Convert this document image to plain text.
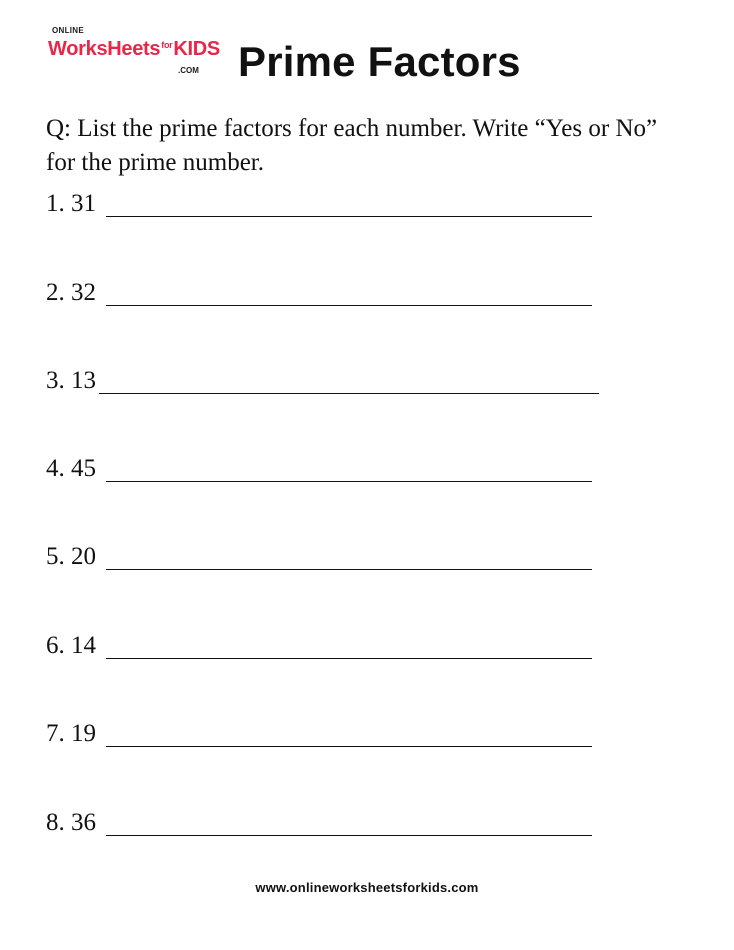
ONLINE
WorksHeets$^{for}$KIDS
.COM Prime Factors
Q: List the prime factors for each number. Write “Yes or No” for the prime number.
1. 31
2. 32
3. 13
4. 45
5. 20
6. 14
7. 19
8. 36
www.onlineworksheetsforkids.com
